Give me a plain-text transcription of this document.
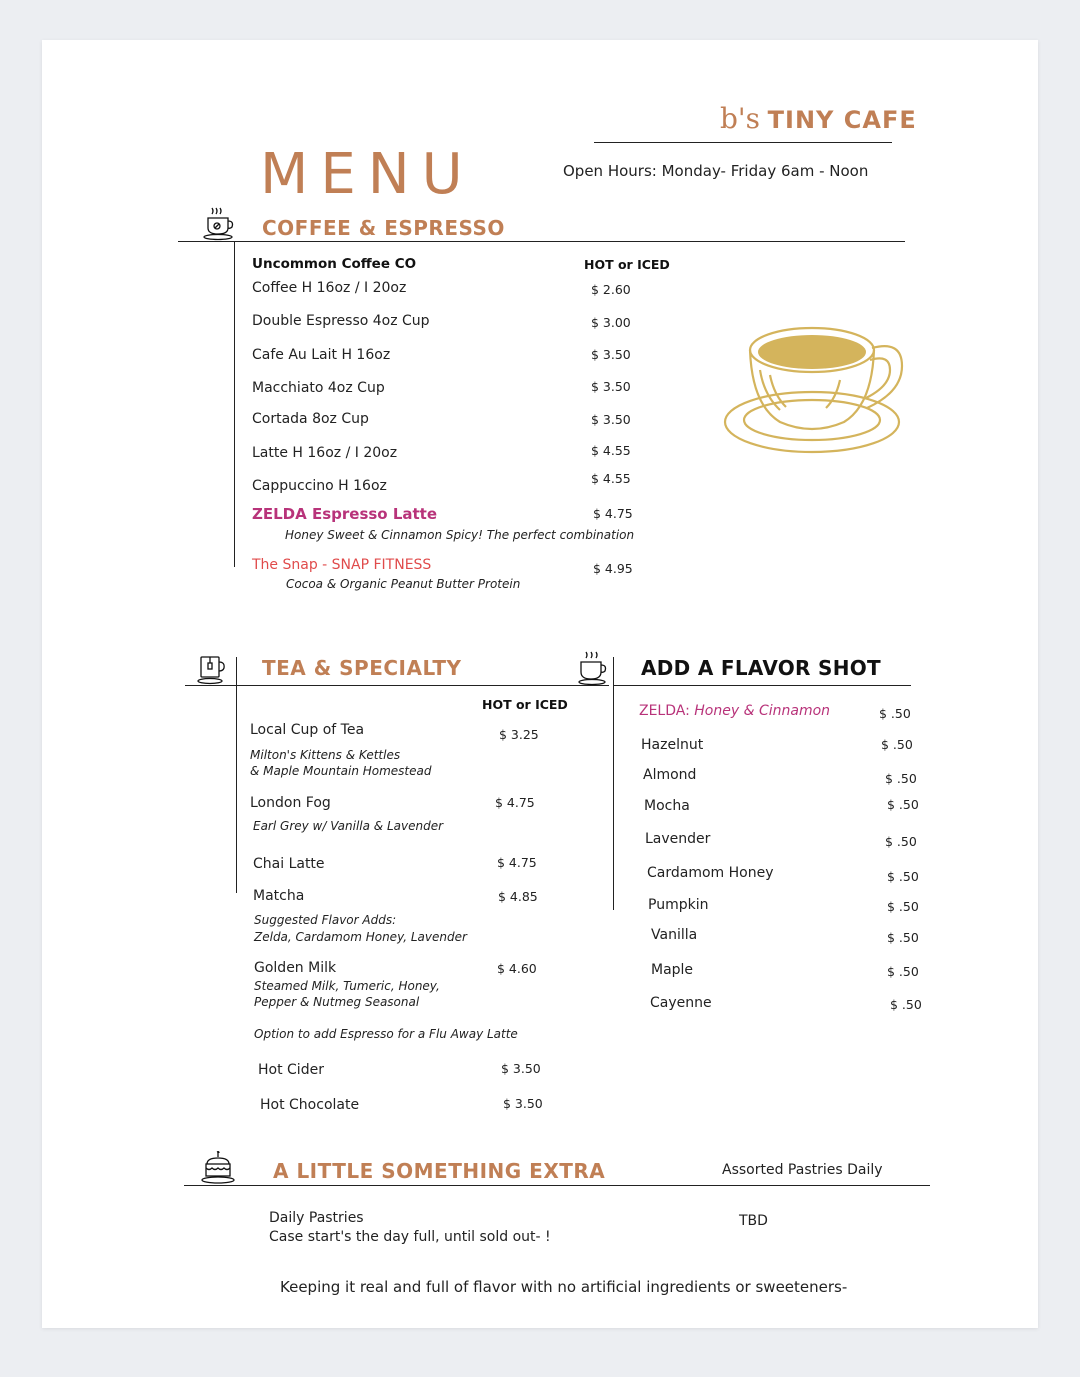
MENU
b's TINY CAFE
Open Hours: Monday- Friday 6am - Noon
COFFEE & ESPRESSO
Uncommon Coffee CO	HOT or ICED
Coffee H 16oz / I 20oz	$ 2.60
Double Espresso 4oz Cup	$ 3.00
Cafe Au Lait H 16oz	$ 3.50
Macchiato 4oz Cup	$ 3.50
Cortada 8oz Cup	$ 3.50
Latte H 16oz / I 20oz	$ 4.55
Cappuccino H 16oz	$ 4.55
ZELDA Espresso Latte	$ 4.75
Honey Sweet & Cinnamon Spicy! The perfect combination
The Snap - SNAP FITNESS	$ 4.95
Cocoa & Organic Peanut Butter Protein
TEA & SPECIALTY
HOT or ICED
Local Cup of Tea	$ 3.25
Milton's Kittens & Kettles
& Maple Mountain Homestead
London Fog	$ 4.75
Earl Grey w/ Vanilla & Lavender
Chai Latte	$ 4.75
Matcha	$ 4.85
Suggested Flavor Adds:
Zelda, Cardamom Honey, Lavender
Golden Milk	$ 4.60
Steamed Milk, Tumeric, Honey,
Pepper & Nutmeg Seasonal
Option to add Espresso for a Flu Away Latte
Hot Cider	$ 3.50
Hot Chocolate	$ 3.50
ADD A FLAVOR SHOT
ZELDA: Honey & Cinnamon	$ .50
Hazelnut	$ .50
Almond	$ .50
Mocha	$ .50
Lavender	$ .50
Cardamom Honey	$ .50
Pumpkin	$ .50
Vanilla	$ .50
Maple	$ .50
Cayenne	$ .50
A LITTLE SOMETHING EXTRA	Assorted Pastries Daily
Daily Pastries
Case start's the day full, until sold out- !
TBD
Keeping it real and full of flavor with no artificial ingredients or sweeteners-
